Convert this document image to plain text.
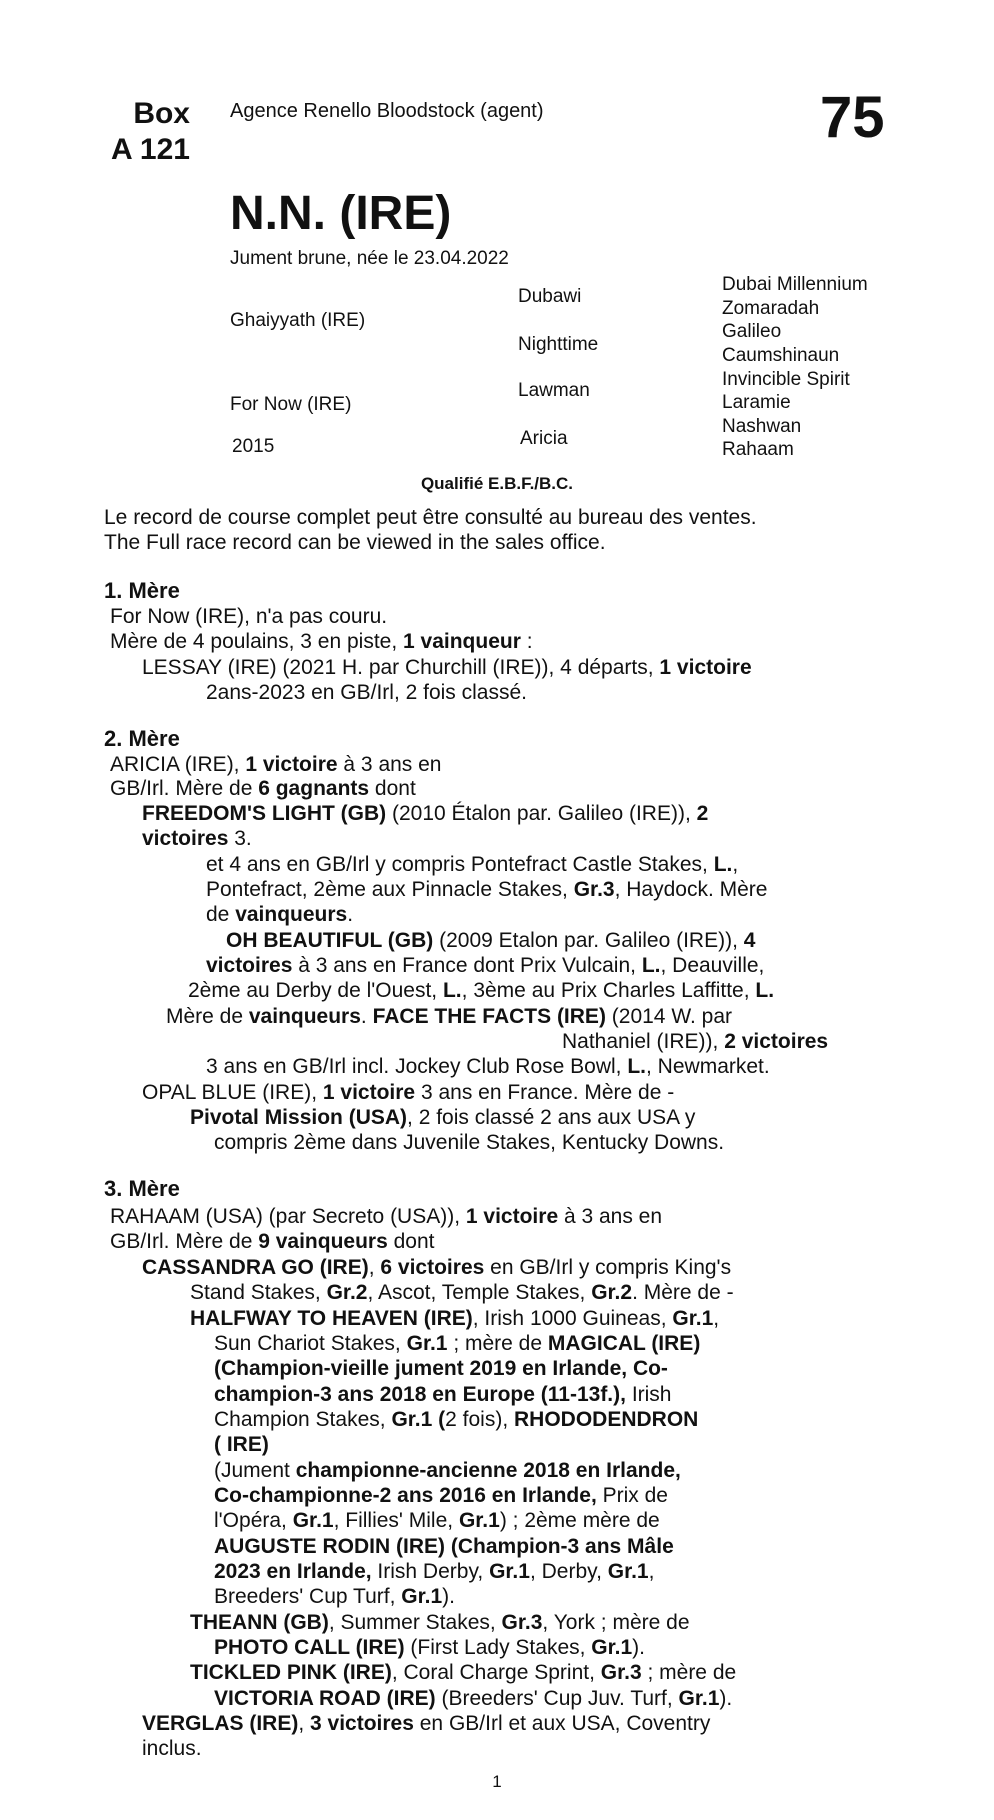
Box
A 121
Agence Renello Bloodstock (agent)	75
N.N. (IRE)
Jument brune, née le 23.04.2022
Ghaiyyath (IRE)
For Now (IRE)
2015
Dubawi
Nighttime
Lawman
Aricia
Dubai Millennium
Zomaradah
Galileo
Caumshinaun
Invincible Spirit
Laramie
Nashwan
Rahaam
Qualifié E.B.F./B.C.
Le record de course complet peut être consulté au bureau des ventes.
The Full race record can be viewed in the sales office.
1. Mère
For Now (IRE), n'a pas couru.
Mère de 4 poulains, 3 en piste, 1 vainqueur :
LESSAY (IRE) (2021 H. par Churchill (IRE)), 4 départs, 1 victoire
2ans-2023 en GB/Irl, 2 fois classé.
2. Mère
ARICIA (IRE), 1 victoire à 3 ans en
GB/Irl. Mère de 6 gagnants dont
FREEDOM'S LIGHT (GB) (2010 Étalon par. Galileo (IRE)), 2
victoires 3.
et 4 ans en GB/Irl y compris Pontefract Castle Stakes, L.,
Pontefract, 2ème aux Pinnacle Stakes, Gr.3, Haydock. Mère
de vainqueurs.
OH BEAUTIFUL (GB) (2009 Etalon par. Galileo (IRE)), 4
victoires à 3 ans en France dont Prix Vulcain, L., Deauville,
2ème au Derby de l'Ouest, L., 3ème au Prix Charles Laffitte, L.
Mère de vainqueurs. FACE THE FACTS (IRE) (2014 W. par
Nathaniel (IRE)), 2 victoires
3 ans en GB/Irl incl. Jockey Club Rose Bowl, L., Newmarket.
OPAL BLUE (IRE), 1 victoire 3 ans en France. Mère de -
Pivotal Mission (USA), 2 fois classé 2 ans aux USA y
compris 2ème dans Juvenile Stakes, Kentucky Downs.
3. Mère
RAHAAM (USA) (par Secreto (USA)), 1 victoire à 3 ans en
GB/Irl. Mère de 9 vainqueurs dont
CASSANDRA GO (IRE), 6 victoires en GB/Irl y compris King's
Stand Stakes, Gr.2, Ascot, Temple Stakes, Gr.2. Mère de -
HALFWAY TO HEAVEN (IRE), Irish 1000 Guineas, Gr.1,
Sun Chariot Stakes, Gr.1 ; mère de MAGICAL (IRE)
(Champion-vieille jument 2019 en Irlande, Co-
champion-3 ans 2018 en Europe (11-13f.), Irish
Champion Stakes, Gr.1 (2 fois), RHODODENDRON
( IRE)
(Jument championne-ancienne 2018 en Irlande,
Co-championne-2 ans 2016 en Irlande, Prix de
l'Opéra, Gr.1, Fillies' Mile, Gr.1) ; 2ème mère de
AUGUSTE RODIN (IRE) (Champion-3 ans Mâle
2023 en Irlande, Irish Derby, Gr.1, Derby, Gr.1,
Breeders' Cup Turf, Gr.1).
THEANN (GB), Summer Stakes, Gr.3, York ; mère de
PHOTO CALL (IRE) (First Lady Stakes, Gr.1).
TICKLED PINK (IRE), Coral Charge Sprint, Gr.3 ; mère de
VICTORIA ROAD (IRE) (Breeders' Cup Juv. Turf, Gr.1).
VERGLAS (IRE), 3 victoires en GB/Irl et aux USA, Coventry
inclus.
1
